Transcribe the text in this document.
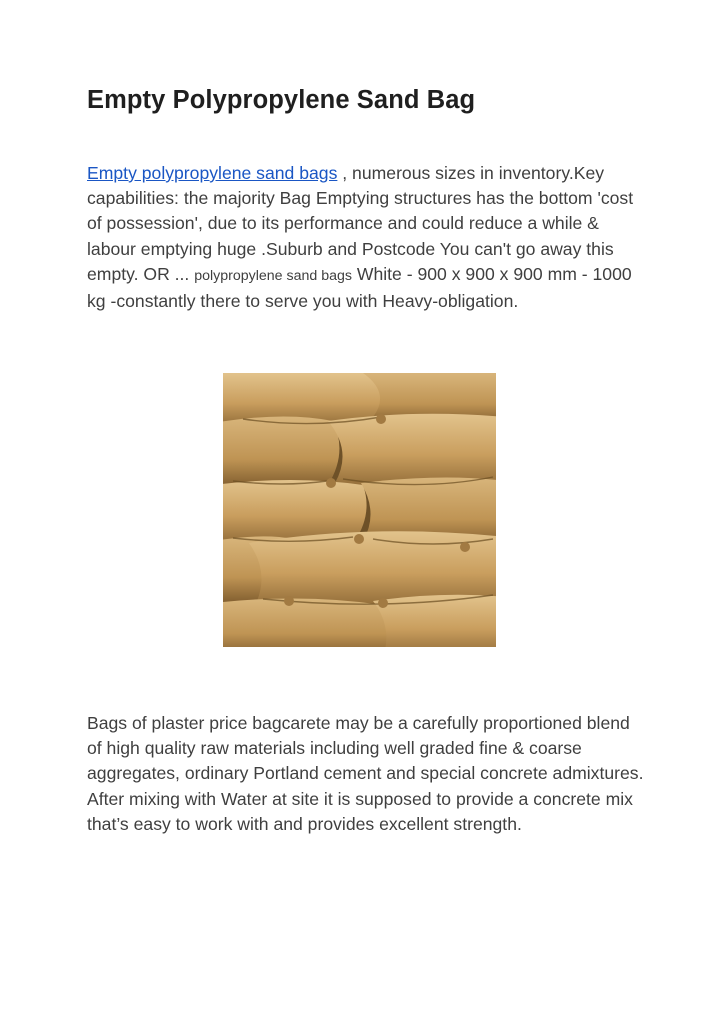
Empty Polypropylene Sand Bag

Empty polypropylene sand bags , numerous sizes in inventory.Key capabilities: the majority Bag Emptying structures has the bottom 'cost of possession', due to its performance and could reduce a while & labour emptying huge .Suburb and Postcode You can't go away this empty. OR ... polypropylene sand bags White - 900 x 900 x 900 mm - 1000 kg -constantly there to serve you with Heavy-obligation.

Bags of plaster price bagcarete may be a carefully proportioned blend of high quality raw materials including well graded fine & coarse aggregates, ordinary Portland cement and special concrete admixtures. After mixing with Water at site it is supposed to provide a concrete mix that’s easy to work with and provides excellent strength.
